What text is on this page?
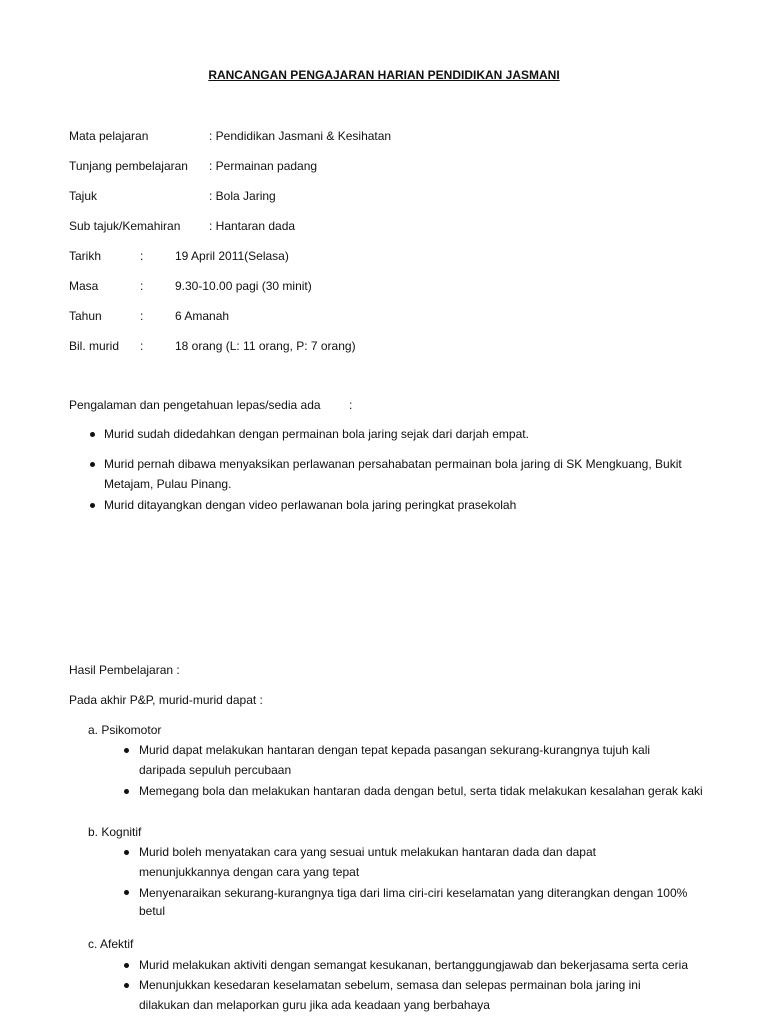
RANCANGAN PENGAJARAN HARIAN PENDIDIKAN JASMANI
Mata pelajaran	: Pendidikan Jasmani & Kesihatan
Tunjang pembelajaran : Permainan padang
Tajuk	: Bola Jaring
Sub tajuk/Kemahiran : Hantaran dada
Tarikh	:	19 April 2011(Selasa)
Masa	:	9.30-10.00 pagi (30 minit)
Tahun	:	6 Amanah
Bil. murid :	18 orang (L: 11 orang, P: 7 orang)
Pengalaman dan pengetahuan lepas/sedia ada :
Murid sudah didedahkan dengan permainan bola jaring sejak dari darjah empat.
Murid pernah dibawa menyaksikan perlawanan persahabatan permainan bola jaring di SK Mengkuang, Bukit Metajam, Pulau Pinang.
Murid ditayangkan dengan video perlawanan bola jaring peringkat prasekolah
Hasil Pembelajaran :
Pada akhir P&P, murid-murid dapat :
a. Psikomotor
Murid dapat melakukan hantaran dengan tepat kepada pasangan sekurang-kurangnya tujuh kali daripada sepuluh percubaan
Memegang bola dan melakukan hantaran dada dengan betul, serta tidak melakukan kesalahan gerak kaki
b. Kognitif
Murid boleh menyatakan cara yang sesuai untuk melakukan hantaran dada dan dapat menunjukkannya dengan cara yang tepat
Menyenaraikan sekurang-kurangnya tiga dari lima ciri-ciri keselamatan yang diterangkan dengan 100% betul
c. Afektif
Murid melakukan aktiviti dengan semangat kesukanan, bertanggungjawab dan bekerjasama serta ceria
Menunjukkan kesedaran keselamatan sebelum, semasa dan selepas permainan bola jaring ini dilakukan dan melaporkan guru jika ada keadaan yang berbahaya
